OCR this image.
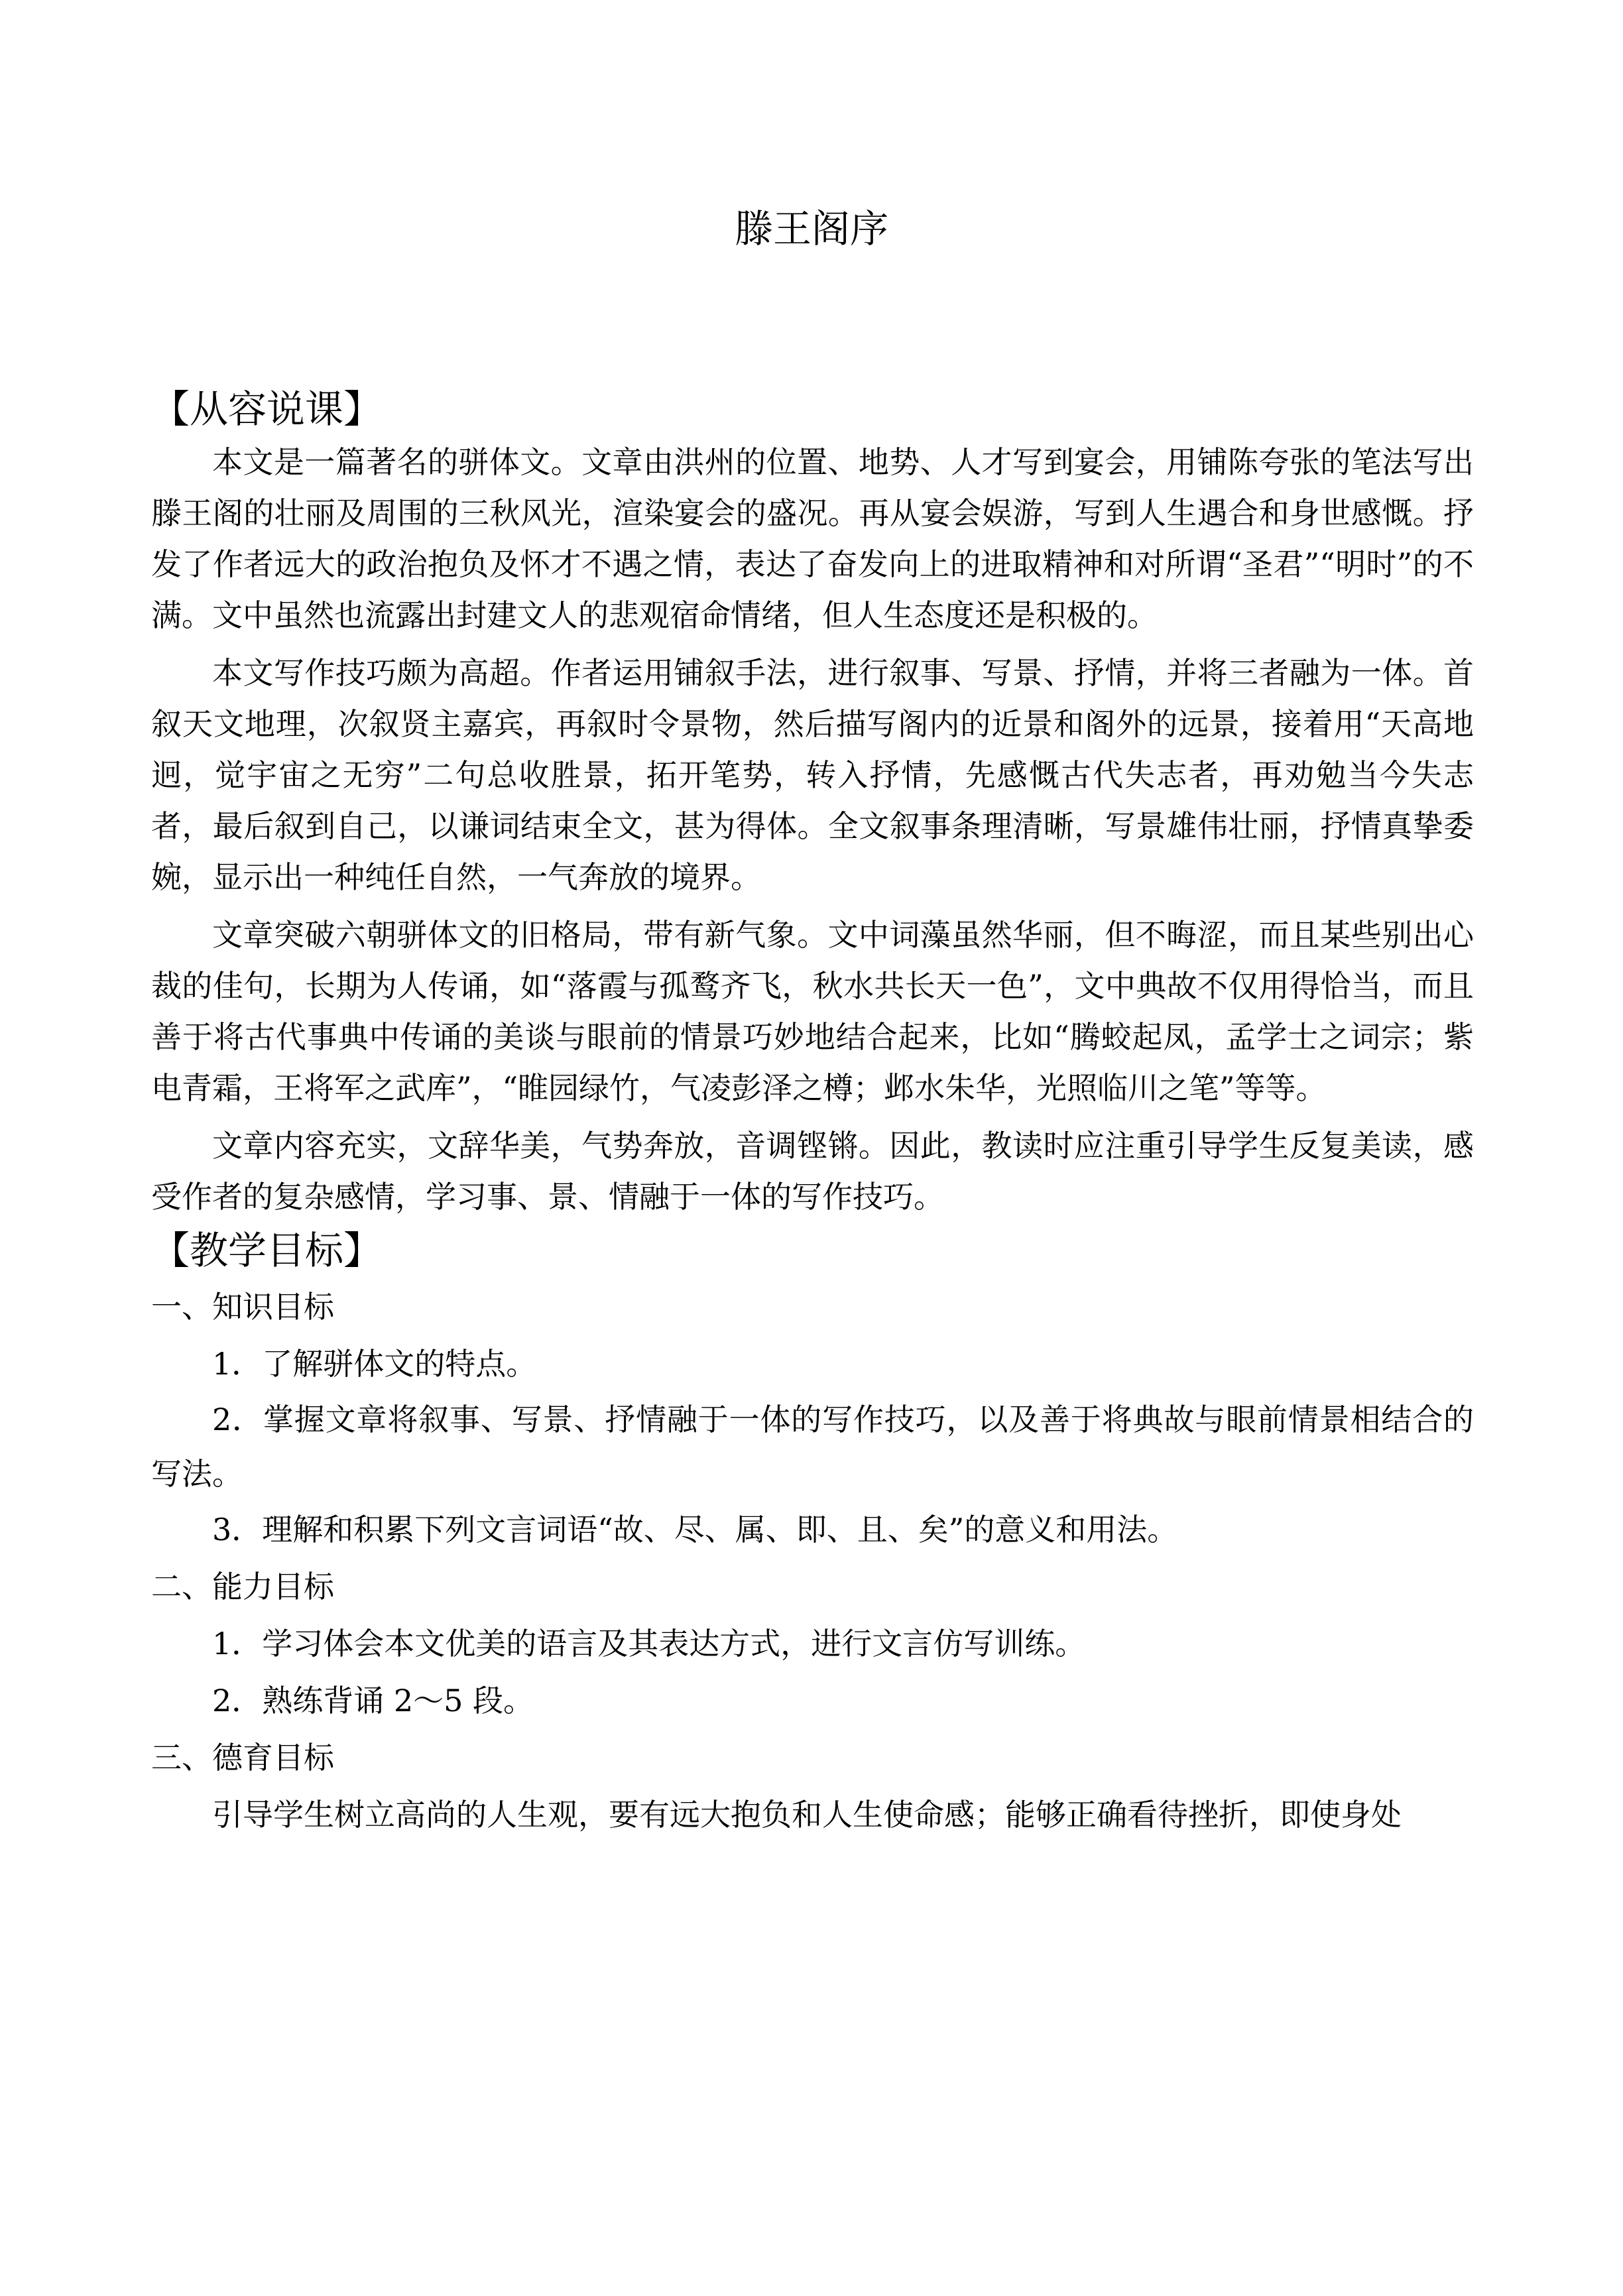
滕王阁序
【从容说课】

本文是一篇著名的骈体文。文章由洪州的位置、地势、人才写到宴会，用铺陈夸张的笔法写出滕王阁的壮丽及周围的三秋风光，渲染宴会的盛况。再从宴会娱游，写到人生遇合和身世感慨。抒发了作者远大的政治抱负及怀才不遇之情，表达了奋发向上的进取精神和对所谓“圣君”“明时”的不满。文中虽然也流露出封建文人的悲观宿命情绪，但人生态度还是积极的。

本文写作技巧颇为高超。作者运用铺叙手法，进行叙事、写景、抒情，并将三者融为一体。首叙天文地理，次叙贤主嘉宾，再叙时令景物，然后描写阁内的近景和阁外的远景，接着用“天高地迥，觉宇宙之无穷”二句总收胜景，拓开笔势，转入抒情，先感慨古代失志者，再劝勉当今失志者，最后叙到自己，以谦词结束全文，甚为得体。全文叙事条理清晰，写景雄伟壮丽，抒情真挚委婉，显示出一种纯任自然，一气奔放的境界。

文章突破六朝骈体文的旧格局，带有新气象。文中词藻虽然华丽，但不晦涩，而且某些别出心裁的佳句，长期为人传诵，如“落霞与孤鹜齐飞，秋水共长天一色”，文中典故不仅用得恰当，而且善于将古代事典中传诵的美谈与眼前的情景巧妙地结合起来，比如“腾蛟起凤，孟学士之词宗；紫电青霜，王将军之武库”，“睢园绿竹，气凌彭泽之樽；邺水朱华，光照临川之笔”等等。

文章内容充实，文辞华美，气势奔放，音调铿锵。因此，教读时应注重引导学生反复美读，感受作者的复杂感情，学习事、景、情融于一体的写作技巧。

【教学目标】

一、知识目标

1．了解骈体文的特点。

2．掌握文章将叙事、写景、抒情融于一体的写作技巧，以及善于将典故与眼前情景相结合的写法。

3．理解和积累下列文言词语“故、尽、属、即、且、矣”的意义和用法。

二、能力目标

1．学习体会本文优美的语言及其表达方式，进行文言仿写训练。

2．熟练背诵 2～5 段。

三、德育目标

引导学生树立高尚的人生观，要有远大抱负和人生使命感；能够正确看待挫折，即使身处
